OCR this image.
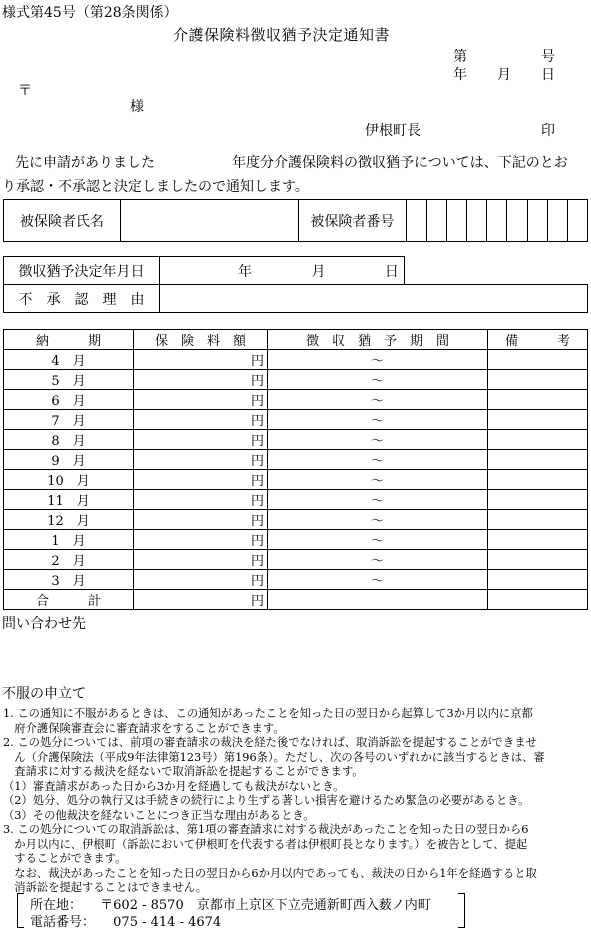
様式第45号（第28条関係）
介護保険料徴収猶予決定通知書
第	号
年 月 日
〒
様
伊根町長	印
先に申請がありました	年度分介護保険料の徴収猶予については、下記のとお
り承認・不承認と決定しましたので通知します。
被保険者氏名		被保険者番号									
徴収猶予決定年月日	年 月 日	
不　承　認　理　由		
納　　　期	保　険　料　額	徴　収　猶　予　期　間	備　　　考
4　月	円	～	
5　月	円	～	
6　月	円	～	
7　月	円	～	
8　月	円	～	
9　月	円	～	
10　月	円	～	
11　月	円	～	
12　月	円	～	
1　月	円	～	
2　月	円	～	
3　月	円	～	
合　　　計	円		
問い合わせ先
不服の申立て
1. この通知に不服があるときは、この通知があったことを知った日の翌日から起算して3か月以内に京都
　府介護保険審査会に審査請求をすることができます。
2. この処分については、前項の審査請求の裁決を経た後でなければ、取消訴訟を提起することができませ
　ん（介護保険法（平成9年法律第123号）第196条）。ただし、次の各号のいずれかに該当するときは、審
　査請求に対する裁決を経ないで取消訴訟を提起することができます。
（1）審査請求があった日から3か月を経過しても裁決がないとき。
（2）処分、処分の執行又は手続きの続行により生ずる著しい損害を避けるため緊急の必要があるとき。
（3）その他裁決を経ないことにつき正当な理由があるとき。
3. この処分についての取消訴訟は、第1項の審査請求に対する裁決があったことを知った日の翌日から6
　か月以内に、伊根町（訴訟において伊根町を代表する者は伊根町長となります。）を被告として、提起
　することができます。
　なお、裁決があったことを知った日の翌日から6か月以内であっても、裁決の日から1年を経過すると取
　消訴訟を提起することはできません。
所在地： 〒602 - 8570　京都市上京区下立売通新町西入薮ノ内町
電話番号： 075 - 414 - 4674
